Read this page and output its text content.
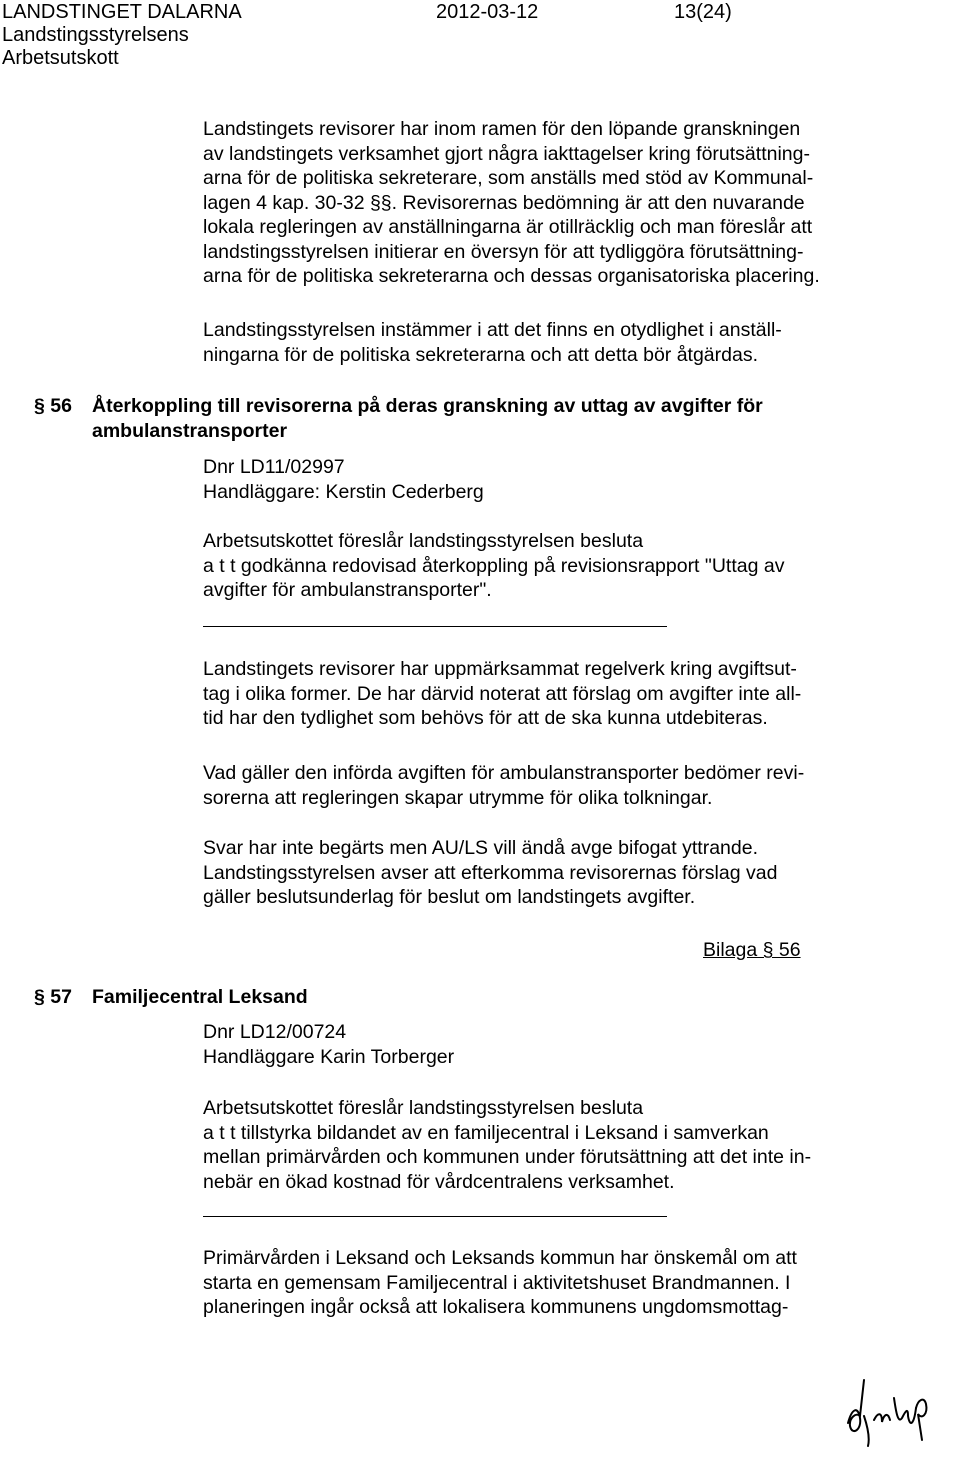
LANDSTINGET DALARNA	2012-03-12	13(24)
Landstingsstyrelsens
Arbetsutskott
Landstingets revisorer har inom ramen för den löpande granskningen
av landstingets verksamhet gjort några iakttagelser kring förutsättning-
arna för de politiska sekreterare, som anställs med stöd av Kommunal-
lagen 4 kap. 30-32 §§. Revisorernas bedömning är att den nuvarande
lokala regleringen av anställningarna är otillräcklig och man föreslår att
landstingsstyrelsen initierar en översyn för att tydliggöra förutsättning-
arna för de politiska sekreterarna och dessas organisatoriska placering.
Landstingsstyrelsen instämmer i att det finns en otydlighet i anställ-
ningarna för de politiska sekreterarna och att detta bör åtgärdas.
§ 56 Återkoppling till revisorerna på deras granskning av uttag av avgifter för
ambulanstransporter
Dnr LD11/02997
Handläggare: Kerstin Cederberg
Arbetsutskottet föreslår landstingsstyrelsen besluta
a t t godkänna redovisad återkoppling på revisionsrapport "Uttag av
avgifter för ambulanstransporter".
Landstingets revisorer har uppmärksammat regelverk kring avgiftsut-
tag i olika former. De har därvid noterat att förslag om avgifter inte all-
tid har den tydlighet som behövs för att de ska kunna utdebiteras.
Vad gäller den införda avgiften för ambulanstransporter bedömer revi-
sorerna att regleringen skapar utrymme för olika tolkningar.
Svar har inte begärts men AU/LS vill ändå avge bifogat yttrande.
Landstingsstyrelsen avser att efterkomma revisorernas förslag vad
gäller beslutsunderlag för beslut om landstingets avgifter.
Bilaga § 56
§ 57 Familjecentral Leksand
Dnr LD12/00724
Handläggare Karin Torberger
Arbetsutskottet föreslår landstingsstyrelsen besluta
a t t tillstyrka bildandet av en familjecentral i Leksand i samverkan
mellan primärvården och kommunen under förutsättning att det inte in-
nebär en ökad kostnad för vårdcentralens verksamhet.
Primärvården i Leksand och Leksands kommun har önskemål om att
starta en gemensam Familjecentral i aktivitetshuset Brandmannen. I
planeringen ingår också att lokalisera kommunens ungdomsmottag-
